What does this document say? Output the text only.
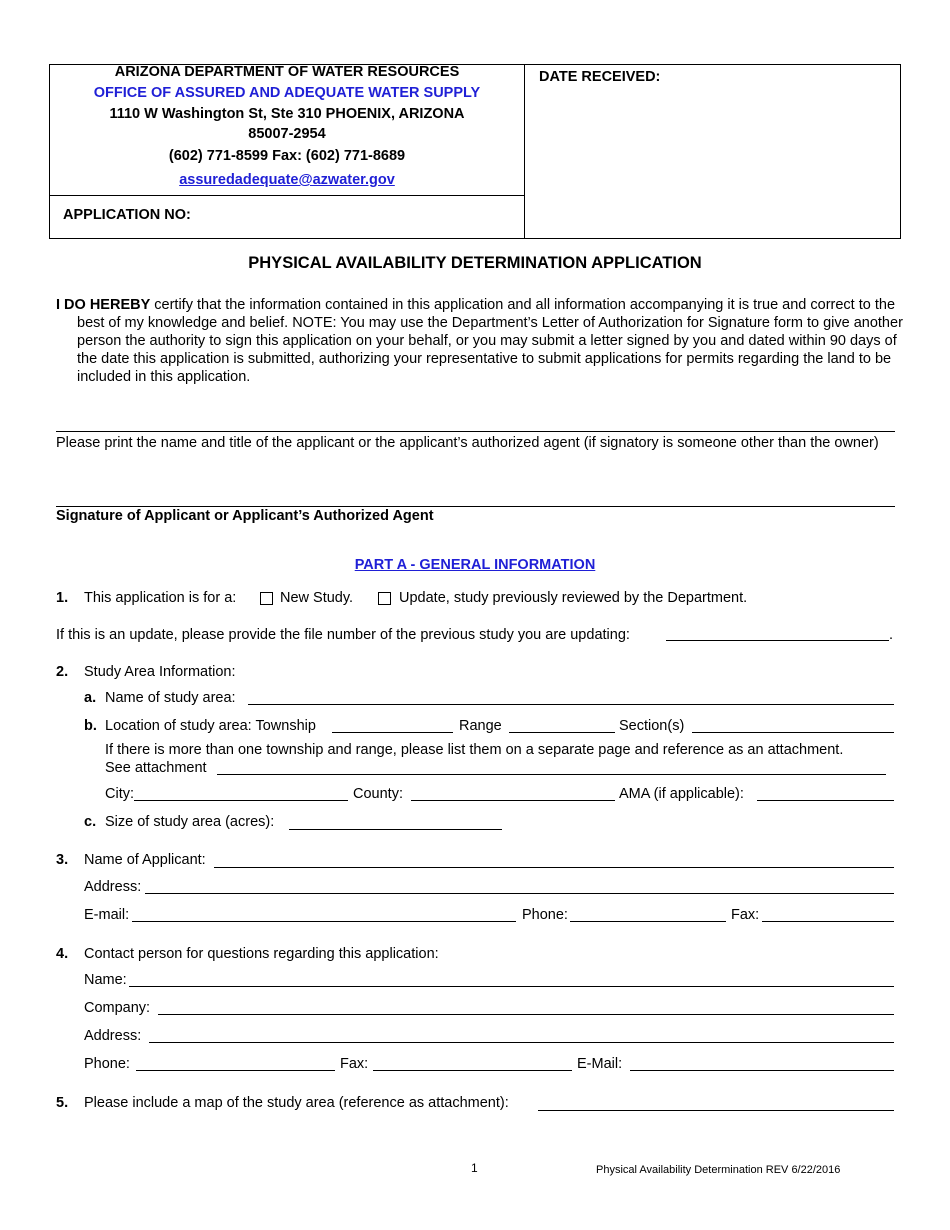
ARIZONA DEPARTMENT OF WATER RESOURCES
OFFICE OF ASSURED AND ADEQUATE WATER SUPPLY
1110 W Washington St, Ste 310 PHOENIX, ARIZONA
85007-2954
(602) 771-8599 Fax: (602) 771-8689
assuredadequate@azwater.gov
APPLICATION NO:
DATE RECEIVED:
PHYSICAL AVAILABILITY DETERMINATION APPLICATION
I DO HEREBY certify that the information contained in this application and all information accompanying it is true and correct to the best of my knowledge and belief. NOTE: You may use the Department’s Letter of Authorization for Signature form to give another person the authority to sign this application on your behalf, or you may submit a letter signed by you and dated within 90 days of the date this application is submitted, authorizing your representative to submit applications for permits regarding the land to be included in this application.
Please print the name and title of the applicant or the applicant’s authorized agent (if signatory is someone other than the owner)
Signature of Applicant or Applicant’s Authorized Agent
PART A - GENERAL INFORMATION
1. This application is for a:	New Study.	Update, study previously reviewed by the Department.
If this is an update, please provide the file number of the previous study you are updating:	.
2. Study Area Information:
a. Name of study area:
b. Location of study area: Township	Range	Section(s)
If there is more than one township and range, please list them on a separate page and reference as an attachment.
See attachment
City:	County:	AMA (if applicable):
c. Size of study area (acres):
3. Name of Applicant:
Address:
E-mail:	Phone:	Fax:
4. Contact person for questions regarding this application:
Name:
Company:
Address:
Phone:	Fax:	E-Mail:
5. Please include a map of the study area (reference as attachment):
1	Physical Availability Determination REV 6/22/2016
